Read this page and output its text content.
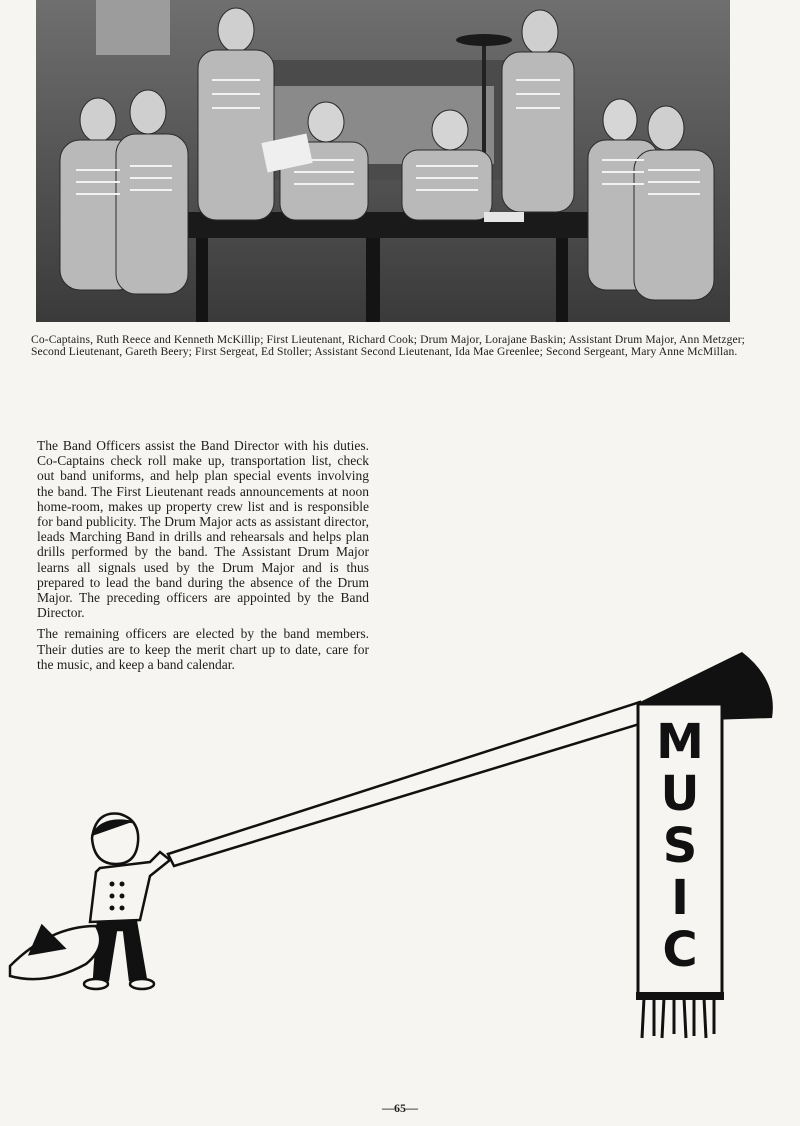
Co-Captains, Ruth Reece and Kenneth McKillip; First Lieutenant, Richard Cook; Drum Major, Lorajane Baskin; Assistant Drum Major, Ann Metzger; Second Lieutenant, Gareth Beery; First Sergeat, Ed Stoller; Assistant Second Lieutenant, Ida Mae Greenlee; Second Sergeant, Mary Anne McMillan.

The Band Officers assist the Band Director with his duties. Co-Captains check roll make up, transportation list, check out band uniforms, and help plan special events involving the band. The First Lieutenant reads announcements at noon home-room, makes up property crew list and is responsible for band publicity. The Drum Major acts as assistant director, leads Marching Band in drills and rehearsals and helps plan drills performed by the band. The Assistant Drum Major learns all signals used by the Drum Major and is thus prepared to lead the band during the absence of the Drum Major. The preceding officers are appointed by the Band Director.

The remaining officers are elected by the band members. Their duties are to keep the merit chart up to date, care for the music, and keep a band calendar.

M
U
S
I
C
—65—
